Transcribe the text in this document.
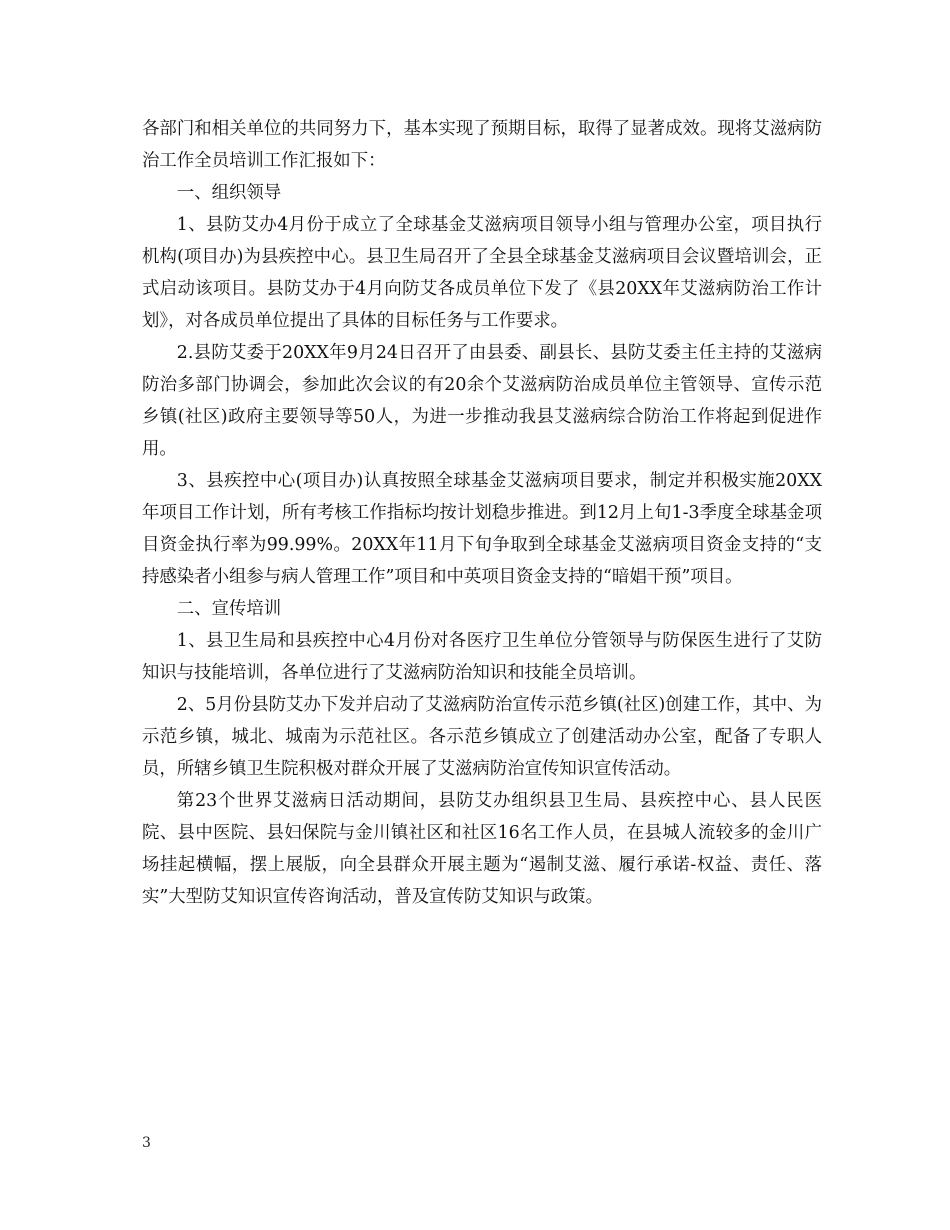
各部门和相关单位的共同努力下，基本实现了预期目标，取得了显著成效。现将艾滋病防治工作全员培训工作汇报如下：

一、组织领导

1、县防艾办4月份于成立了全球基金艾滋病项目领导小组与管理办公室，项目执行机构(项目办)为县疾控中心。县卫生局召开了全县全球基金艾滋病项目会议暨培训会，正式启动该项目。县防艾办于4月向防艾各成员单位下发了《县20XX年艾滋病防治工作计划》，对各成员单位提出了具体的目标任务与工作要求。

2.县防艾委于20XX年9月24日召开了由县委、副县长、县防艾委主任主持的艾滋病防治多部门协调会，参加此次会议的有20余个艾滋病防治成员单位主管领导、宣传示范乡镇(社区)政府主要领导等50人，为进一步推动我县艾滋病综合防治工作将起到促进作用。

3、县疾控中心(项目办)认真按照全球基金艾滋病项目要求，制定并积极实施20XX年项目工作计划，所有考核工作指标均按计划稳步推进。到12月上旬1-3季度全球基金项目资金执行率为99.99%。20XX年11月下旬争取到全球基金艾滋病项目资金支持的“支持感染者小组参与病人管理工作”项目和中英项目资金支持的“暗娼干预”项目。

二、宣传培训

1、县卫生局和县疾控中心4月份对各医疗卫生单位分管领导与防保医生进行了艾防知识与技能培训，各单位进行了艾滋病防治知识和技能全员培训。

2、5月份县防艾办下发并启动了艾滋病防治宣传示范乡镇(社区)创建工作，其中、为示范乡镇，城北、城南为示范社区。各示范乡镇成立了创建活动办公室，配备了专职人员，所辖乡镇卫生院积极对群众开展了艾滋病防治宣传知识宣传活动。

第23个世界艾滋病日活动期间，县防艾办组织县卫生局、县疾控中心、县人民医院、县中医院、县妇保院与金川镇社区和社区16名工作人员，在县城人流较多的金川广场挂起横幅，摆上展版，向全县群众开展主题为“遏制艾滋、履行承诺-权益、责任、落实”大型防艾知识宣传咨询活动，普及宣传防艾知识与政策。

3
